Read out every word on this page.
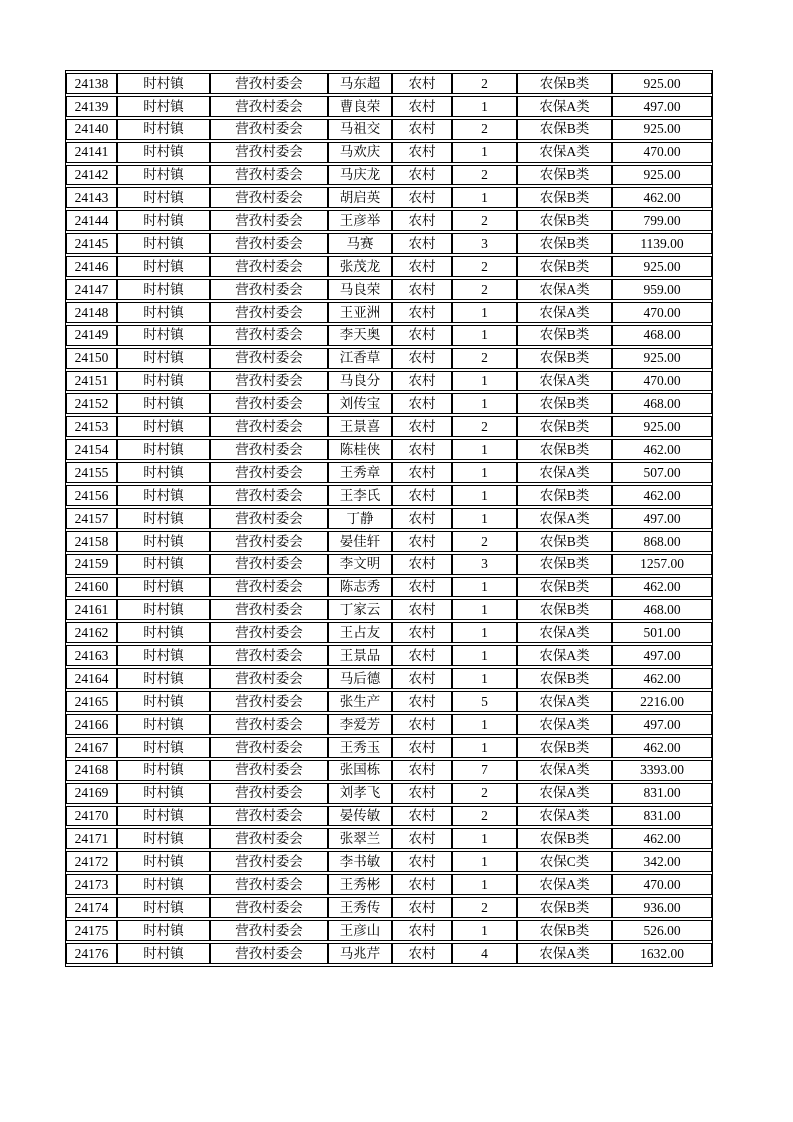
24138	时村镇	营孜村委会	马东超	农村	2	农保B类	925.00
24139	时村镇	营孜村委会	曹良荣	农村	1	农保A类	497.00
24140	时村镇	营孜村委会	马祖交	农村	2	农保B类	925.00
24141	时村镇	营孜村委会	马欢庆	农村	1	农保A类	470.00
24142	时村镇	营孜村委会	马庆龙	农村	2	农保B类	925.00
24143	时村镇	营孜村委会	胡启英	农村	1	农保B类	462.00
24144	时村镇	营孜村委会	王彦举	农村	2	农保B类	799.00
24145	时村镇	营孜村委会	马赛	农村	3	农保B类	1139.00
24146	时村镇	营孜村委会	张茂龙	农村	2	农保B类	925.00
24147	时村镇	营孜村委会	马良荣	农村	2	农保A类	959.00
24148	时村镇	营孜村委会	王亚洲	农村	1	农保A类	470.00
24149	时村镇	营孜村委会	李天奥	农村	1	农保B类	468.00
24150	时村镇	营孜村委会	江香草	农村	2	农保B类	925.00
24151	时村镇	营孜村委会	马良分	农村	1	农保A类	470.00
24152	时村镇	营孜村委会	刘传宝	农村	1	农保B类	468.00
24153	时村镇	营孜村委会	王景喜	农村	2	农保B类	925.00
24154	时村镇	营孜村委会	陈桂侠	农村	1	农保B类	462.00
24155	时村镇	营孜村委会	王秀章	农村	1	农保A类	507.00
24156	时村镇	营孜村委会	王李氏	农村	1	农保B类	462.00
24157	时村镇	营孜村委会	丁静	农村	1	农保A类	497.00
24158	时村镇	营孜村委会	晏佳轩	农村	2	农保B类	868.00
24159	时村镇	营孜村委会	李文明	农村	3	农保B类	1257.00
24160	时村镇	营孜村委会	陈志秀	农村	1	农保B类	462.00
24161	时村镇	营孜村委会	丁家云	农村	1	农保B类	468.00
24162	时村镇	营孜村委会	王占友	农村	1	农保A类	501.00
24163	时村镇	营孜村委会	王景品	农村	1	农保A类	497.00
24164	时村镇	营孜村委会	马后德	农村	1	农保B类	462.00
24165	时村镇	营孜村委会	张生产	农村	5	农保A类	2216.00
24166	时村镇	营孜村委会	李爱芳	农村	1	农保A类	497.00
24167	时村镇	营孜村委会	王秀玉	农村	1	农保B类	462.00
24168	时村镇	营孜村委会	张国栋	农村	7	农保A类	3393.00
24169	时村镇	营孜村委会	刘孝飞	农村	2	农保A类	831.00
24170	时村镇	营孜村委会	晏传敏	农村	2	农保A类	831.00
24171	时村镇	营孜村委会	张翠兰	农村	1	农保B类	462.00
24172	时村镇	营孜村委会	李书敏	农村	1	农保C类	342.00
24173	时村镇	营孜村委会	王秀彬	农村	1	农保A类	470.00
24174	时村镇	营孜村委会	王秀传	农村	2	农保B类	936.00
24175	时村镇	营孜村委会	王彦山	农村	1	农保B类	526.00
24176	时村镇	营孜村委会	马兆芹	农村	4	农保A类	1632.00
